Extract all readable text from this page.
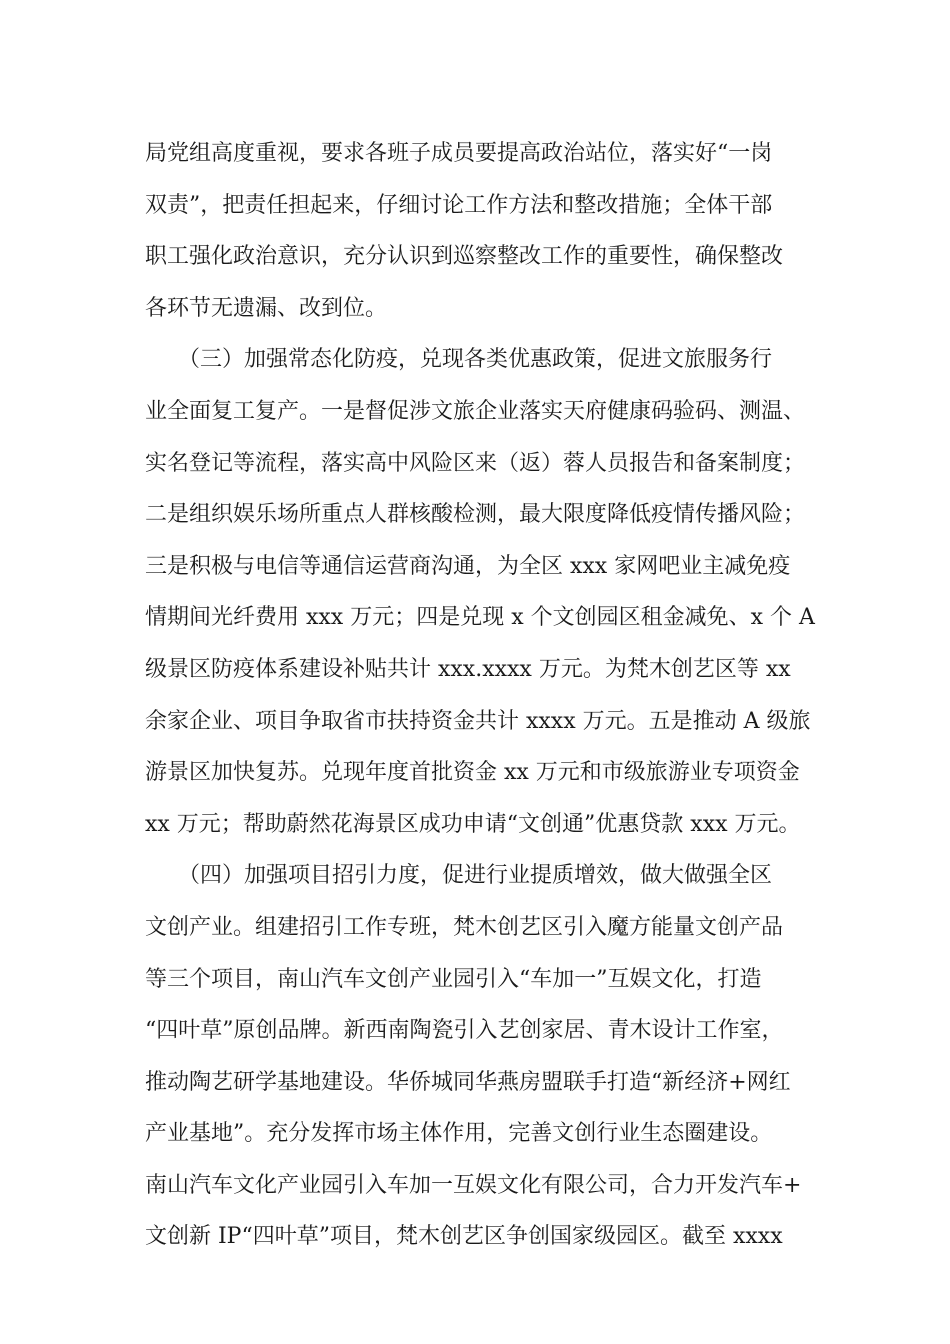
局党组高度重视，要求各班子成员要提高政治站位，落实好“一岗
双责”，把责任担起来，仔细讨论工作方法和整改措施；全体干部
职工强化政治意识，充分认识到巡察整改工作的重要性，确保整改
各环节无遗漏、改到位。
　　（三）加强常态化防疫，兑现各类优惠政策，促进文旅服务行
业全面复工复产。一是督促涉文旅企业落实天府健康码验码、测温、
实名登记等流程，落实高中风险区来（返）蓉人员报告和备案制度；
二是组织娱乐场所重点人群核酸检测，最大限度降低疫情传播风险；
三是积极与电信等通信运营商沟通，为全区 xxx 家网吧业主减免疫
情期间光纤费用 xxx 万元；四是兑现 x 个文创园区租金减免、x 个 A
级景区防疫体系建设补贴共计 xxx.xxxx 万元。为梵木创艺区等 xx
余家企业、项目争取省市扶持资金共计 xxxx 万元。五是推动 A 级旅
游景区加快复苏。兑现年度首批资金 xx 万元和市级旅游业专项资金
xx 万元；帮助蔚然花海景区成功申请“文创通”优惠贷款 xxx 万元。
　　（四）加强项目招引力度，促进行业提质增效，做大做强全区
文创产业。组建招引工作专班，梵木创艺区引入魔方能量文创产品
等三个项目，南山汽车文创产业园引入“车加一”互娱文化，打造
“四叶草”原创品牌。新西南陶瓷引入艺创家居、青木设计工作室，
推动陶艺研学基地建设。华侨城同华燕房盟联手打造“新经济+网红
产业基地”。充分发挥市场主体作用，完善文创行业生态圈建设。
南山汽车文化产业园引入车加一互娱文化有限公司，合力开发汽车+
文创新 IP“四叶草”项目，梵木创艺区争创国家级园区。截至 xxxx
